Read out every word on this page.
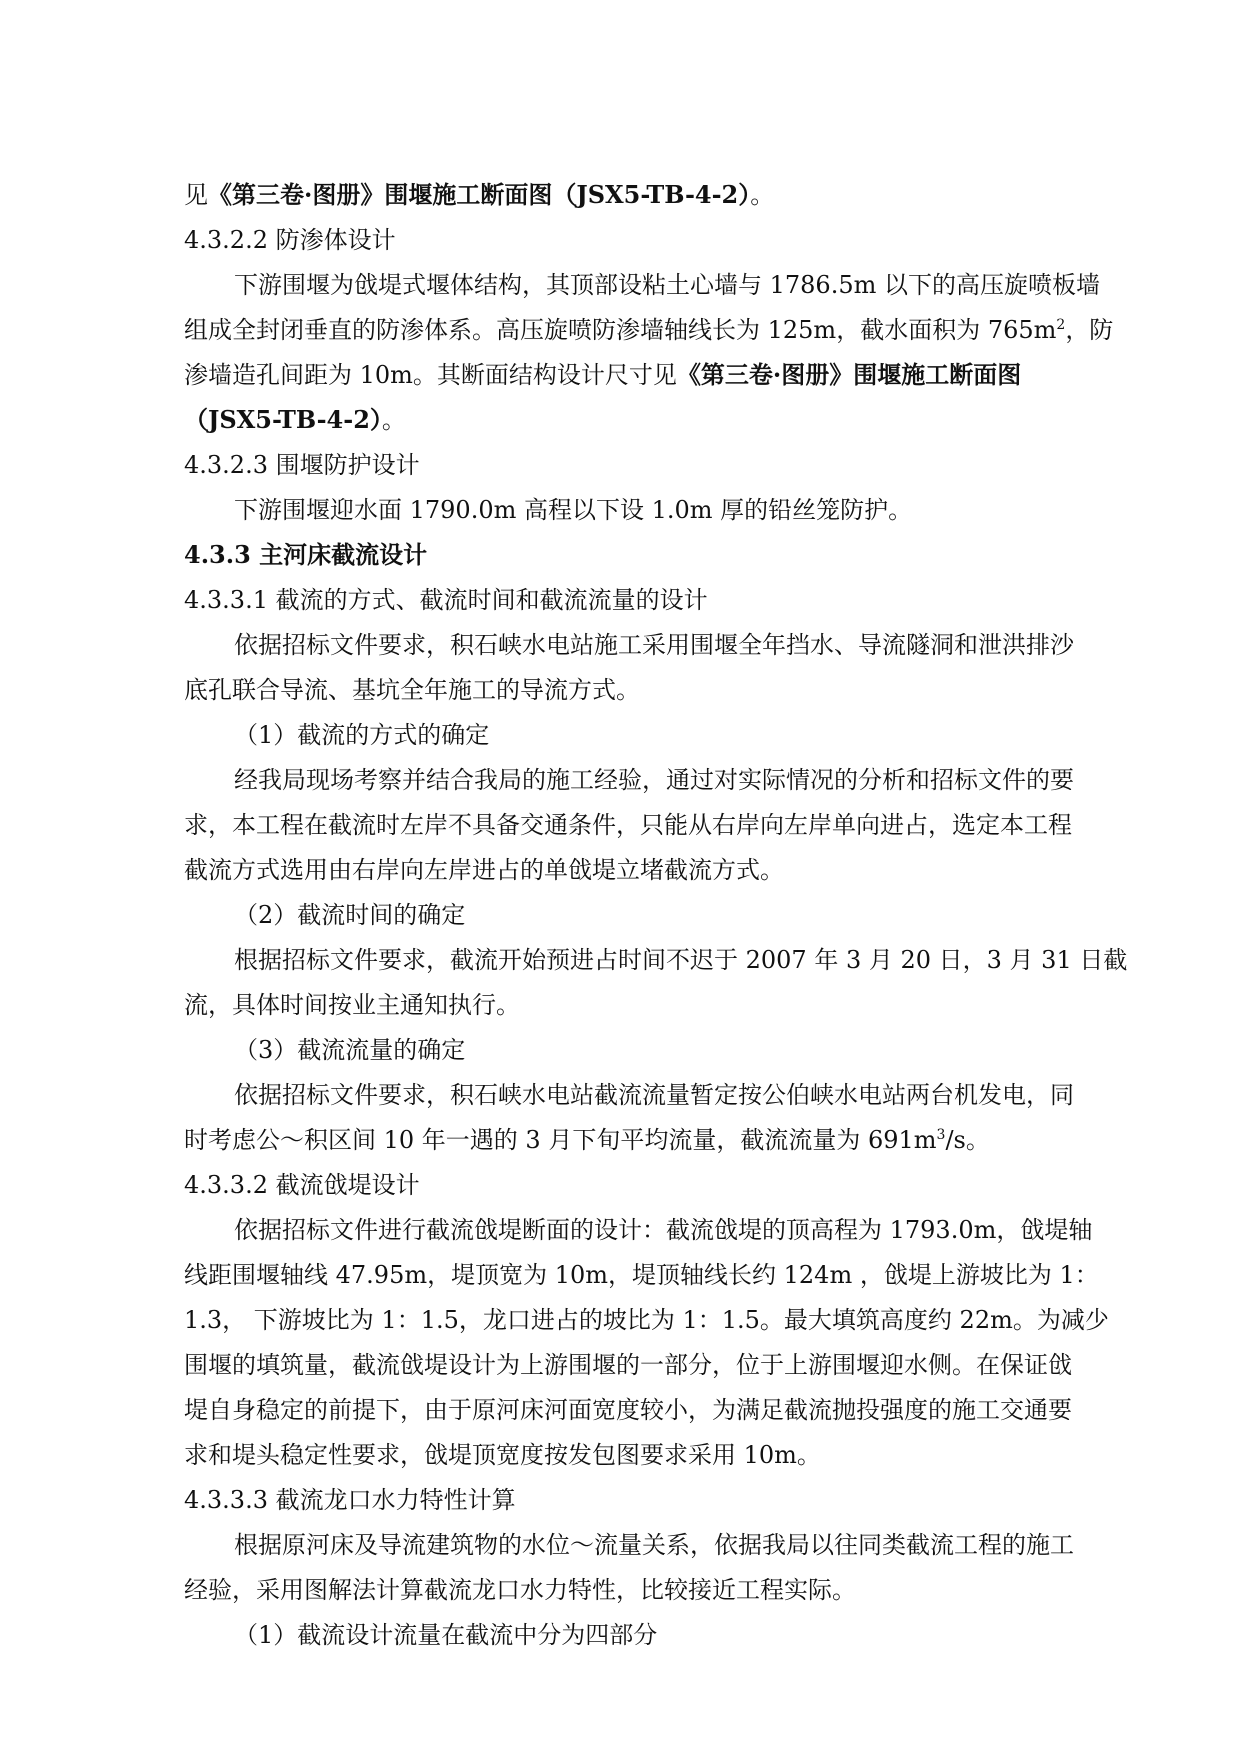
见《第三卷·图册》围堰施工断面图（JSX5-TB-4-2）。
4.3.2.2 防渗体设计
下游围堰为戗堤式堰体结构，其顶部设粘土心墙与 1786.5m 以下的高压旋喷板墙
组成全封闭垂直的防渗体系。高压旋喷防渗墙轴线长为 125m，截水面积为 $765m^2$，防
渗墙造孔间距为 10m。其断面结构设计尺寸见《第三卷·图册》围堰施工断面图
（JSX5-TB-4-2）。
4.3.2.3 围堰防护设计
下游围堰迎水面 1790.0m 高程以下设 1.0m 厚的铅丝笼防护。
4.3.3 主河床截流设计
4.3.3.1 截流的方式、截流时间和截流流量的设计
依据招标文件要求，积石峡水电站施工采用围堰全年挡水、导流隧洞和泄洪排沙
底孔联合导流、基坑全年施工的导流方式。
（1）截流的方式的确定
经我局现场考察并结合我局的施工经验，通过对实际情况的分析和招标文件的要
求，本工程在截流时左岸不具备交通条件，只能从右岸向左岸单向进占，选定本工程
截流方式选用由右岸向左岸进占的单戗堤立堵截流方式。
（2）截流时间的确定
根据招标文件要求，截流开始预进占时间不迟于 2007 年 3 月 20 日，3 月 31 日截
流，具体时间按业主通知执行。
（3）截流流量的确定
依据招标文件要求，积石峡水电站截流流量暂定按公伯峡水电站两台机发电，同
时考虑公～积区间 10 年一遇的 3 月下旬平均流量，截流流量为 $691m^3/s$。
4.3.3.2 截流戗堤设计
依据招标文件进行截流戗堤断面的设计：截流戗堤的顶高程为 1793.0m，戗堤轴
线距围堰轴线 47.95m，堤顶宽为 10m，堤顶轴线长约 124m ，戗堤上游坡比为 1：
1.3， 下游坡比为 1：1.5，龙口进占的坡比为 1：1.5。最大填筑高度约 22m。为减少
围堰的填筑量，截流戗堤设计为上游围堰的一部分，位于上游围堰迎水侧。在保证戗
堤自身稳定的前提下，由于原河床河面宽度较小，为满足截流抛投强度的施工交通要
求和堤头稳定性要求，戗堤顶宽度按发包图要求采用 10m。
4.3.3.3 截流龙口水力特性计算
根据原河床及导流建筑物的水位～流量关系，依据我局以往同类截流工程的施工
经验，采用图解法计算截流龙口水力特性，比较接近工程实际。
（1）截流设计流量在截流中分为四部分
